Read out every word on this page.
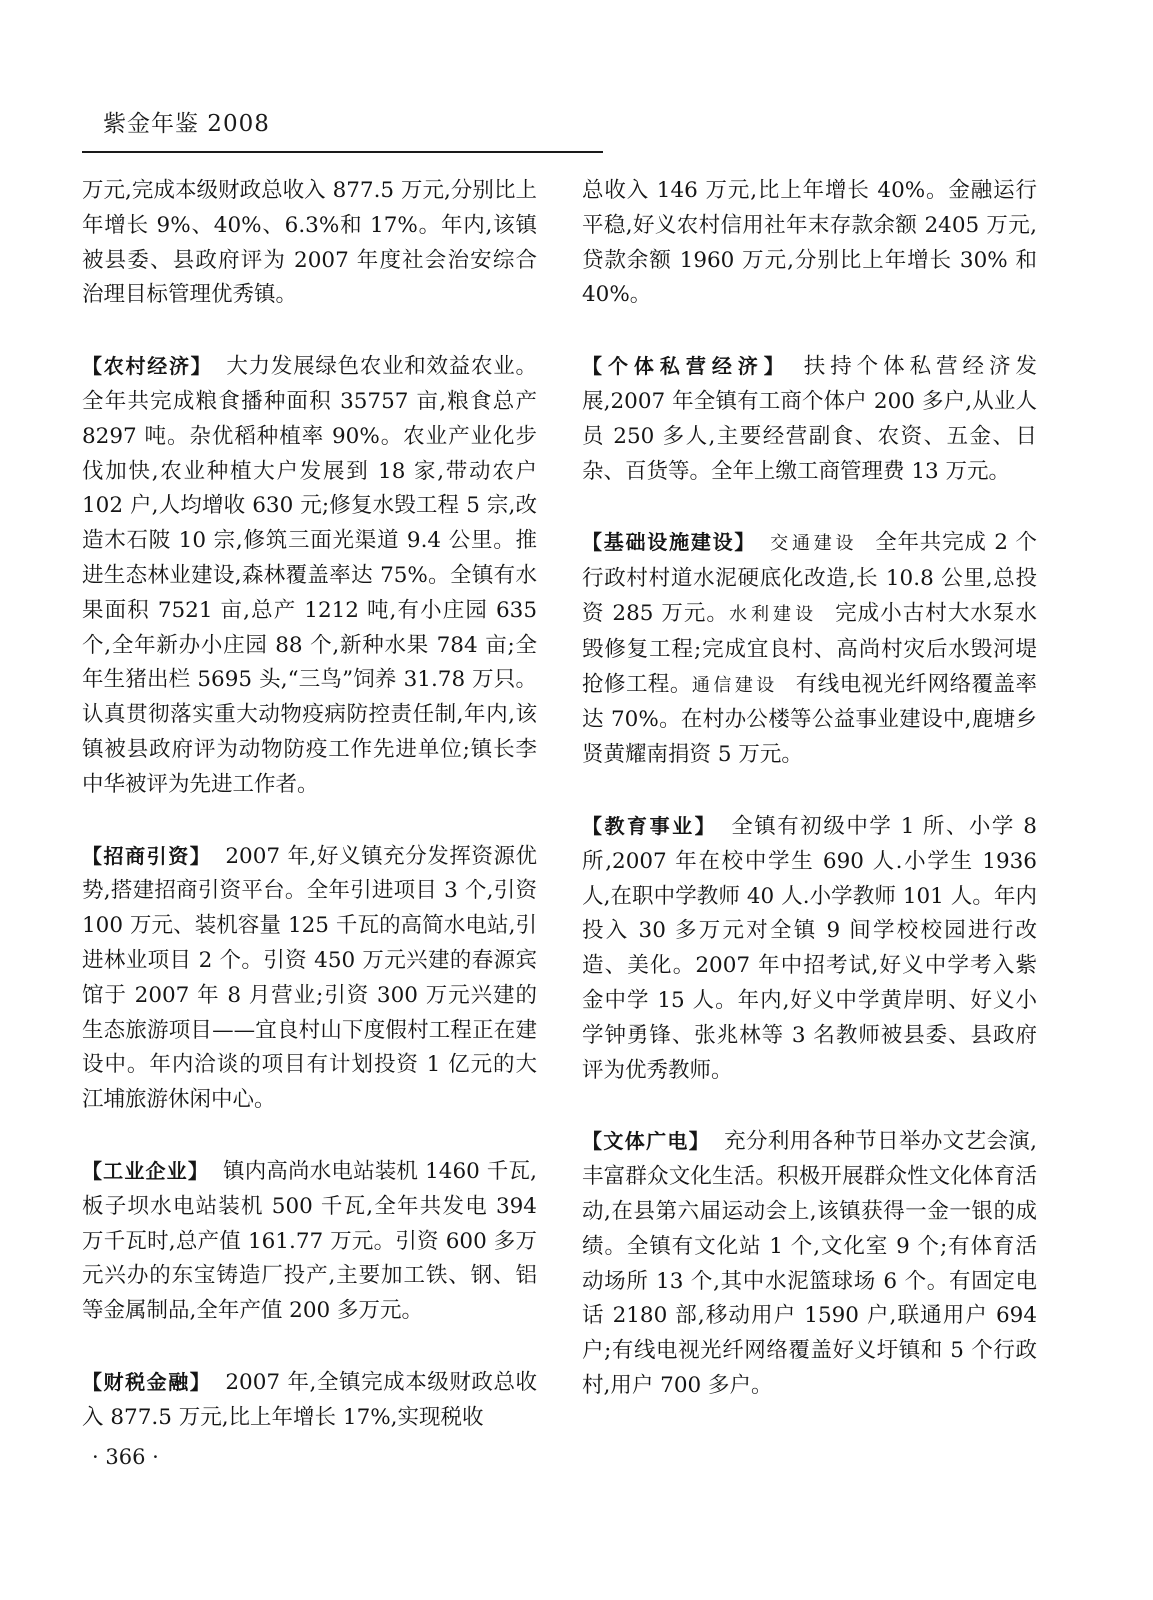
紫金年鉴 2008

万元,完成本级财政总收入 877.5 万元,分别比上年增长 9%、40%、6.3%和 17%。年内,该镇被县委、县政府评为 2007 年度社会治安综合治理目标管理优秀镇。

【农村经济】 大力发展绿色农业和效益农业。全年共完成粮食播种面积 35757 亩,粮食总产 8297 吨。杂优稻种植率 90%。农业产业化步伐加快,农业种植大户发展到 18 家,带动农户 102 户,人均增收 630 元;修复水毁工程 5 宗,改造木石陂 10 宗,修筑三面光渠道 9.4 公里。推进生态林业建设,森林覆盖率达 75%。全镇有水果面积 7521 亩,总产 1212 吨,有小庄园 635 个,全年新办小庄园 88 个,新种水果 784 亩;全年生猪出栏 5695 头,“三鸟”饲养 31.78 万只。认真贯彻落实重大动物疫病防控责任制,年内,该镇被县政府评为动物防疫工作先进单位;镇长李中华被评为先进工作者。

【招商引资】 2007 年,好义镇充分发挥资源优势,搭建招商引资平台。全年引进项目 3 个,引资 100 万元、装机容量 125 千瓦的高简水电站,引进林业项目 2 个。引资 450 万元兴建的春源宾馆于 2007 年 8 月营业;引资 300 万元兴建的生态旅游项目——宜良村山下度假村工程正在建设中。年内洽谈的项目有计划投资 1 亿元的大江埔旅游休闲中心。

【工业企业】 镇内高尚水电站装机 1460 千瓦,板子坝水电站装机 500 千瓦,全年共发电 394 万千瓦时,总产值 161.77 万元。引资 600 多万元兴办的东宝铸造厂投产,主要加工铁、钢、铝等金属制品,全年产值 200 多万元。

【财税金融】 2007 年,全镇完成本级财政总收入 877.5 万元,比上年增长 17%,实现税收

总收入 146 万元,比上年增长 40%。金融运行平稳,好义农村信用社年末存款余额 2405 万元,贷款余额 1960 万元,分别比上年增长 30% 和 40%。

【个体私营经济】 扶持个体私营经济发展,2007 年全镇有工商个体户 200 多户,从业人员 250 多人,主要经营副食、农资、五金、日杂、百货等。全年上缴工商管理费 13 万元。

【基础设施建设】 交通建设 全年共完成 2 个行政村村道水泥硬底化改造,长 10.8 公里,总投资 285 万元。水利建设 完成小古村大水泵水毁修复工程;完成宜良村、高尚村灾后水毁河堤抢修工程。通信建设 有线电视光纤网络覆盖率达 70%。在村办公楼等公益事业建设中,鹿塘乡贤黄耀南捐资 5 万元。

【教育事业】 全镇有初级中学 1 所、小学 8 所,2007 年在校中学生 690 人.小学生 1936 人,在职中学教师 40 人.小学教师 101 人。年内投入 30 多万元对全镇 9 间学校校园进行改造、美化。2007 年中招考试,好义中学考入紫金中学 15 人。年内,好义中学黄岸明、好义小学钟勇锋、张兆林等 3 名教师被县委、县政府评为优秀教师。

【文体广电】 充分利用各种节日举办文艺会演,丰富群众文化生活。积极开展群众性文化体育活动,在县第六届运动会上,该镇获得一金一银的成绩。全镇有文化站 1 个,文化室 9 个;有体育活动场所 13 个,其中水泥篮球场 6 个。有固定电话 2180 部,移动用户 1590 户,联通用户 694 户;有线电视光纤网络覆盖好义圩镇和 5 个行政村,用户 700 多户。

· 366 ·
